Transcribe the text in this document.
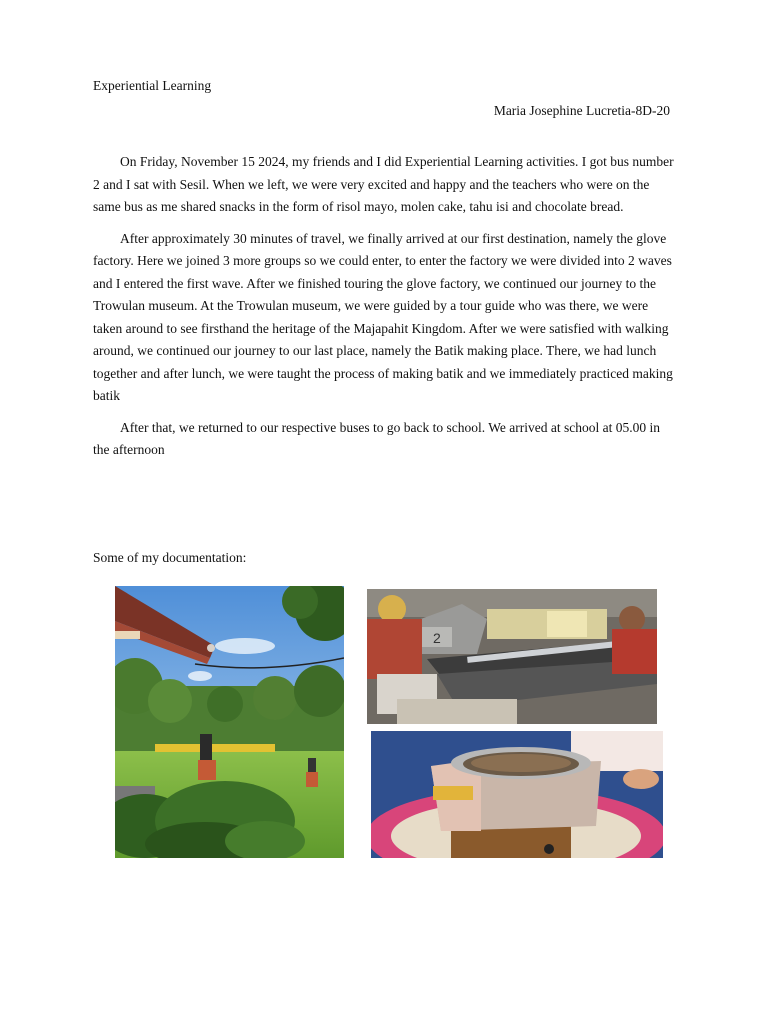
Experiential Learning
Maria Josephine Lucretia-8D-20

On Friday, November 15 2024, my friends and I did Experiential Learning activities. I got bus number 2 and I sat with Sesil. When we left, we were very excited and happy and the teachers who were on the same bus as me shared snacks in the form of risol mayo, molen cake, tahu isi and chocolate bread.

After approximately 30 minutes of travel, we finally arrived at our first destination, namely the glove factory. Here we joined 3 more groups so we could enter, to enter the factory we were divided into 2 waves and I entered the first wave. After we finished touring the glove factory, we continued our journey to the Trowulan museum. At the Trowulan museum, we were guided by a tour guide who was there, we were taken around to see firsthand the heritage of the Majapahit Kingdom. After we were satisfied with walking around, we continued our journey to our last place, namely the Batik making place. There, we had lunch together and after lunch, we were taught the process of making batik and we immediately practiced making batik

After that, we returned to our respective buses to go back to school. We arrived at school at 05.00 in the afternoon

Some of my documentation:
2
